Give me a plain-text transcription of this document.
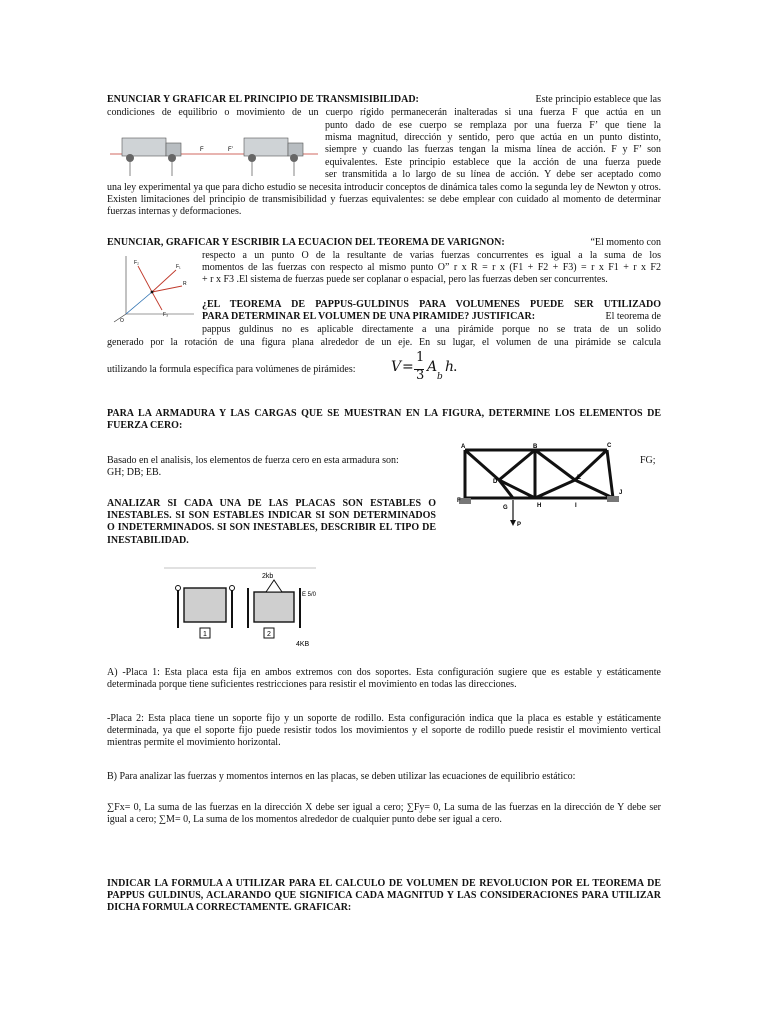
ENUNCIAR Y GRAFICAR EL PRINCIPIO DE TRANSMISIBILIDAD:	Este principio establece que las
condiciones de equilibrio o movimiento de un cuerpo rígido permanecerán inalteradas si una fuerza F que actúa en un
punto dado de ese cuerpo se remplaza por una fuerza F’ que tiene la
misma magnitud, dirección y sentido, pero que actúa en un punto distinto,
siempre y cuando las fuerzas tengan la misma línea de acción. F y F’ son
equivalentes. Este principio establece que la acción de una fuerza puede
ser transmitida a lo largo de su línea de acción. Y debe ser aceptado como
una ley experimental ya que para dicho estudio se necesita introducir conceptos de dinámica tales como la segunda ley de Newton y otros. Existen limitaciones del principio de transmisibilidad y fuerzas equivalentes: se debe emplear con cuidado al momento de determinar fuerzas internas y deformaciones.
F	F’
ENUNCIAR, GRAFICAR Y ESCRIBIR LA ECUACION DEL TEOREMA DE VARIGNON:	“El momento con
respecto a un punto O de la resultante de varias fuerzas concurrentes es igual a la suma de los
momentos de las fuerzas con respecto al mismo punto O” r x R = r x (F1 + F2 + F3) = r x F1 + r x F2
+ r x F3 .El sistema de fuerzas puede ser coplanar o espacial, pero las fuerzas deben ser concurrentes.
O
F₁
F₂
F₃
R
¿EL TEOREMA DE PAPPUS-GULDINUS PARA VOLUMENES PUEDE SER UTILIZADO
PARA DETERMINAR EL VOLUMEN DE UNA PIRAMIDE? JUSTIFICAR:	El teorema de
pappus guldinus no es aplicable directamente a una pirámide porque no se trata de un solido
generado por la rotación de una figura plana alrededor de un eje. En su lugar, el volumen de una pirámide se calcula
utilizando la formula específica para volúmenes de pirámides:	V =
1
3
A
b
h
.
PARA LA ARMADURA Y LAS CARGAS QUE SE MUESTRAN EN LA FIGURA, DETERMINE LOS ELEMENTOS DE FUERZA CERO:
Basado en el analisis, los elementos de fuerza cero en esta armadura son:	FG;
GH; DB; EB.
A	B	C
D
E
F
G	H	I
J
P
ANALIZAR SI CADA UNA DE LAS PLACAS SON ESTABLES O INESTABLES. SI SON ESTABLES INDICAR SI SON DETERMINADOS O INDETERMINADOS. SI SON INESTABLES, DESCRIBIR EL TIPO DE INESTABILIDAD.
1	2
2kb
E 5/0
4KB
A) -Placa 1: Esta placa esta fija en ambos extremos con dos soportes. Esta configuración sugiere que es estable y estáticamente determinada porque tiene suficientes restricciones para resistir el movimiento en todas las direcciones.
-Placa 2: Esta placa tiene un soporte fijo y un soporte de rodillo. Esta configuración indica que la placa es estable y estáticamente determinada, ya que el soporte fijo puede resistir todos los movimientos y el soporte de rodillo puede resistir el movimiento vertical mientras permite el movimiento horizontal.
B) Para analizar las fuerzas y momentos internos en las placas, se deben utilizar las ecuaciones de equilibrio estático:
∑Fx= 0, La suma de las fuerzas en la dirección X debe ser igual a cero; ∑Fy= 0, La suma de las fuerzas en la dirección de Y debe ser igual a cero; ∑M= 0, La suma de los momentos alrededor de cualquier punto debe ser igual a cero.
INDICAR LA FORMULA A UTILIZAR PARA EL CALCULO DE VOLUMEN DE REVOLUCION POR EL TEOREMA DE PAPPUS GULDINUS, ACLARANDO QUE SIGNIFICA CADA MAGNITUD Y LAS CONSIDERACIONES PARA UTILIZAR DICHA FORMULA CORRECTAMENTE. GRAFICAR:
